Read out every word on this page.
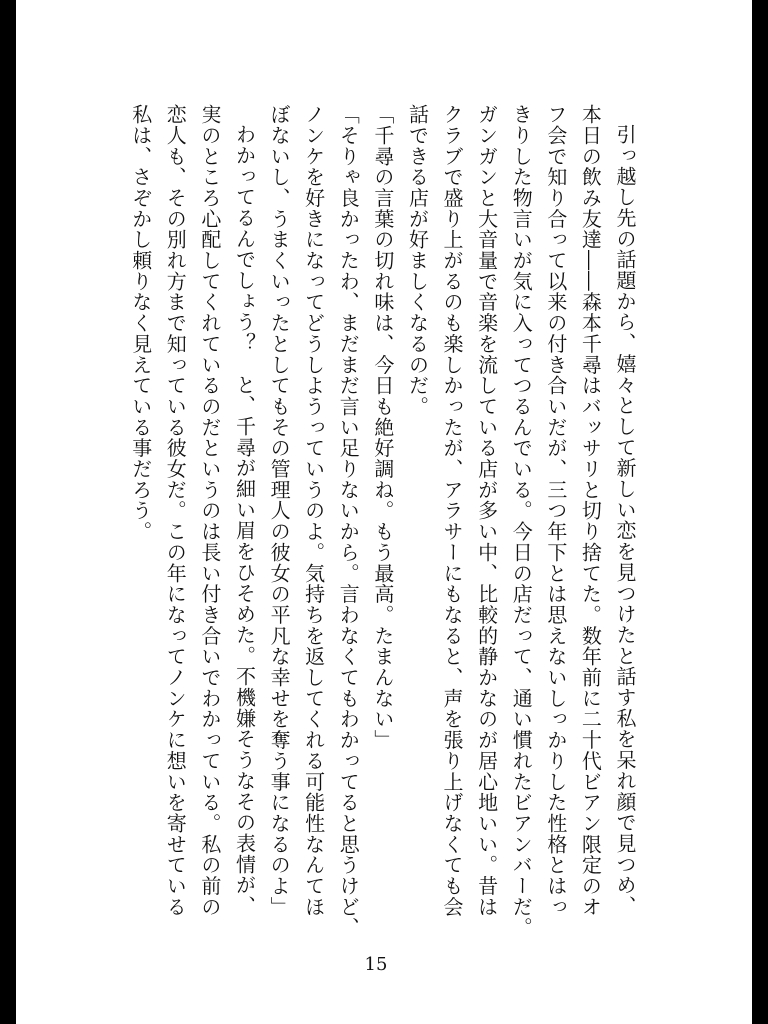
引っ越し先の話題から、嬉々として新しい恋を見つけたと話す私を呆れ顔で見つめ、

本日の飲み友達――森本千尋はバッサリと切り捨てた。数年前に二十代ビアン限定のオ

フ会で知り合って以来の付き合いだが、三つ年下とは思えないしっかりした性格とはっ

きりした物言いが気に入ってつるんでいる。今日の店だって、通い慣れたビアンバーだ。

ガンガンと大音量で音楽を流している店が多い中、比較的静かなのが居心地いい。昔は

クラブで盛り上がるのも楽しかったが、アラサーにもなると、声を張り上げなくても会

話できる店が好ましくなるのだ。

「千尋の言葉の切れ味は、今日も絶好調ね。もう最高。たまんない」

「そりゃ良かったわ、まだまだ言い足りないから。言わなくてもわかってると思うけど、

ノンケを好きになってどうしようっていうのよ。気持ちを返してくれる可能性なんてほ

ぼないし、うまくいったとしてもその管理人の彼女の平凡な幸せを奪う事になるのよ」

わかってるんでしょう？　と、千尋が細い眉をひそめた。不機嫌そうなその表情が、

実のところ心配してくれているのだというのは長い付き合いでわかっている。私の前の

恋人も、その別れ方まで知っている彼女だ。この年になってノンケに想いを寄せている

私は、さぞかし頼りなく見えている事だろう。

15
